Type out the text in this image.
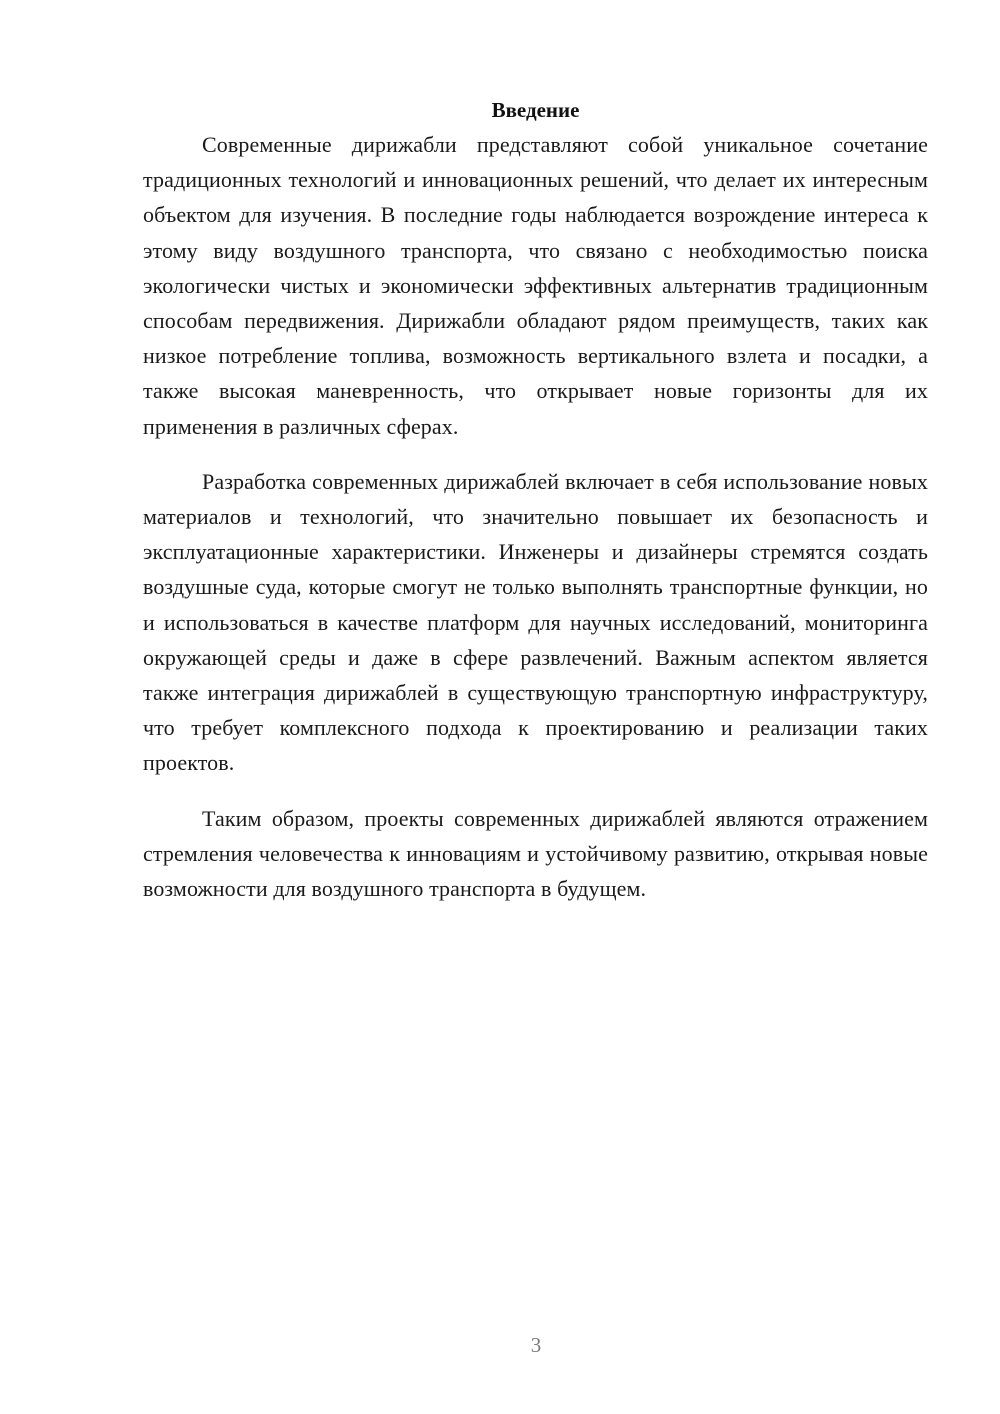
Введение

Современные дирижабли представляют собой уникальное сочетание традиционных технологий и инновационных решений, что делает их интересным объектом для изучения. В последние годы наблюдается возрождение интереса к этому виду воздушного транспорта, что связано с необходимостью поиска экологически чистых и экономически эффективных альтернатив традиционным способам передвижения. Дирижабли обладают рядом преимуществ, таких как низкое потребление топлива, возможность вертикального взлета и посадки, а также высокая маневренность, что открывает новые горизонты для их применения в различных сферах.

Разработка современных дирижаблей включает в себя использование новых материалов и технологий, что значительно повышает их безопасность и эксплуатационные характеристики. Инженеры и дизайнеры стремятся создать воздушные суда, которые смогут не только выполнять транспортные функции, но и использоваться в качестве платформ для научных исследований, мониторинга окружающей среды и даже в сфере развлечений. Важным аспектом является также интеграция дирижаблей в существующую транспортную инфраструктуру, что требует комплексного подхода к проектированию и реализации таких проектов.

Таким образом, проекты современных дирижаблей являются отражением стремления человечества к инновациям и устойчивому развитию, открывая новые возможности для воздушного транспорта в будущем.

3
